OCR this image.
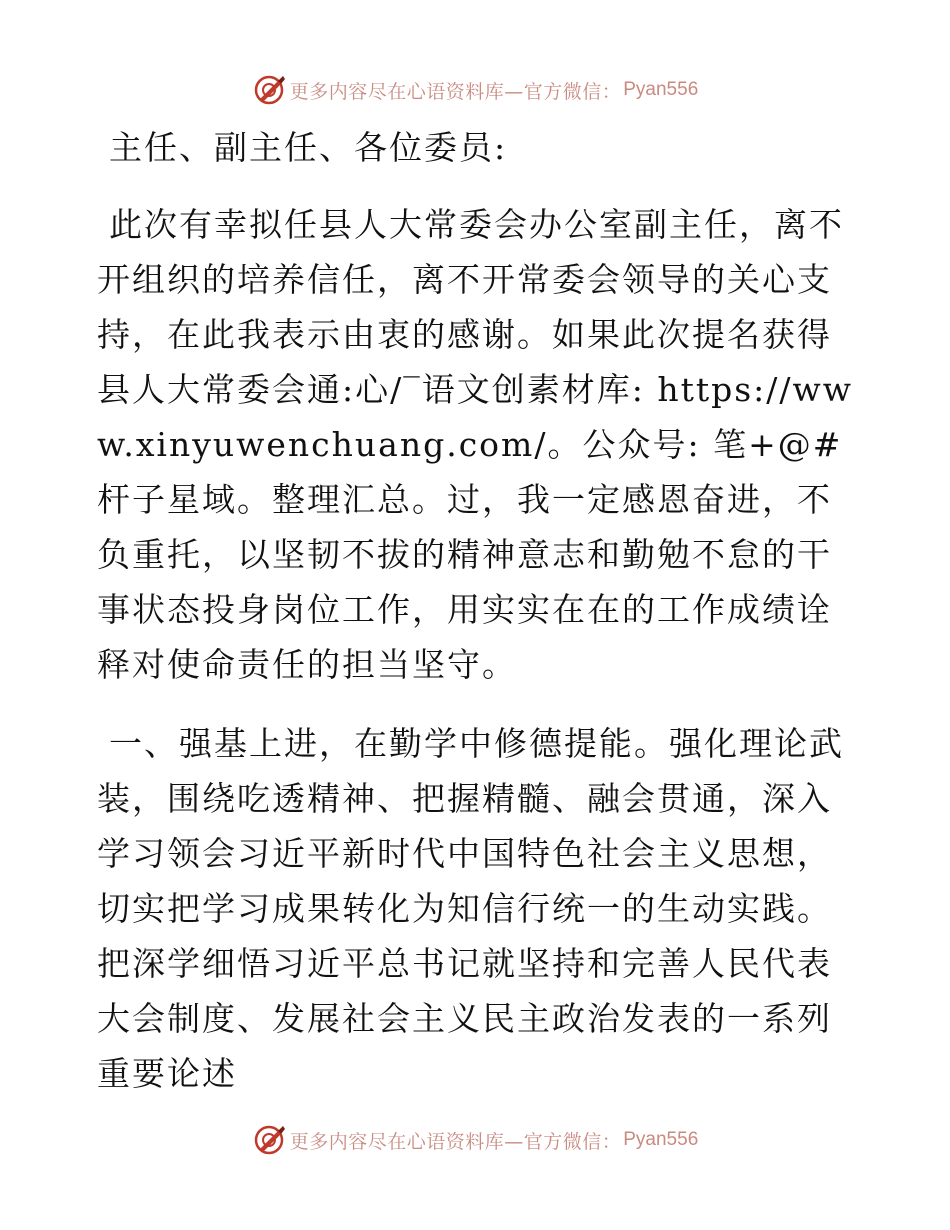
更多内容尽在心语资料库—官方微信： Pyan556

主任、副主任、各位委员:

此次有幸拟任县人大常委会办公室副主任，离不开组织的培养信任，离不开常委会领导的关心支持，在此我表示由衷的感谢。如果此次提名获得县人大常委会通:心/‾语文创素材库: https://www.xinyuwenchuang.com/。公众号: 笔+@#杆子星域。整理汇总。过，我一定感恩奋进，不负重托，以坚韧不拔的精神意志和勤勉不怠的干事状态投身岗位工作，用实实在在的工作成绩诠释对使命责任的担当坚守。

一、强基上进，在勤学中修德提能。强化理论武装，围绕吃透精神、把握精髓、融会贯通，深入学习领会习近平新时代中国特色社会主义思想，切实把学习成果转化为知信行统一的生动实践。把深学细悟习近平总书记就坚持和完善人民代表大会制度、发展社会主义民主政治发表的一系列重要论述

更多内容尽在心语资料库—官方微信： Pyan556
